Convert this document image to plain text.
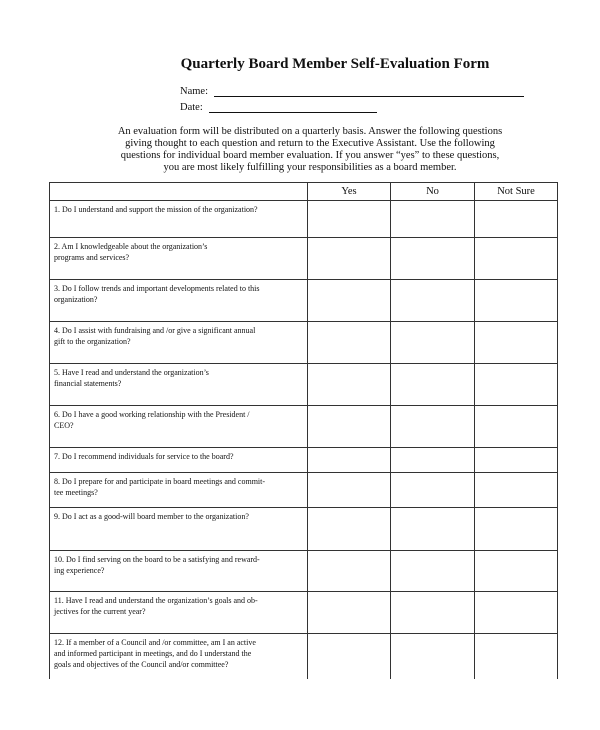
Quarterly Board Member Self-Evaluation Form
Name:
Date:
An evaluation form will be distributed on a quarterly basis. Answer the following questions
giving thought to each question and return to the Executive Assistant. Use the following
questions for individual board member evaluation. If you answer “yes” to these questions,
you are most likely fulfilling your responsibilities as a board member.
	Yes	No	Not Sure

1. Do I understand and support the mission of the organization?			

2. Am I knowledgeable about the organization’s
programs and services?			

3. Do I follow trends and important developments related to this
organization?			

4. Do I assist with fundraising and /or give a significant annual
gift to the organization?			

5. Have I read and understand the organization’s
financial statements?			

6. Do I have a good working relationship with the President /
CEO?			

7. Do I recommend individuals for service to the board?			

8. Do I prepare for and participate in board meetings and commit-
tee meetings?			

9. Do I act as a good-will board member to the organization?			

10. Do I find serving on the board to be a satisfying and reward-
ing experience?			

11. Have I read and understand the organization’s goals and ob-
jectives for the current year?			

12. If a member of a Council and /or committee, am I an active
and informed participant in meetings, and do I understand the
goals and objectives of the Council and/or committee?			
